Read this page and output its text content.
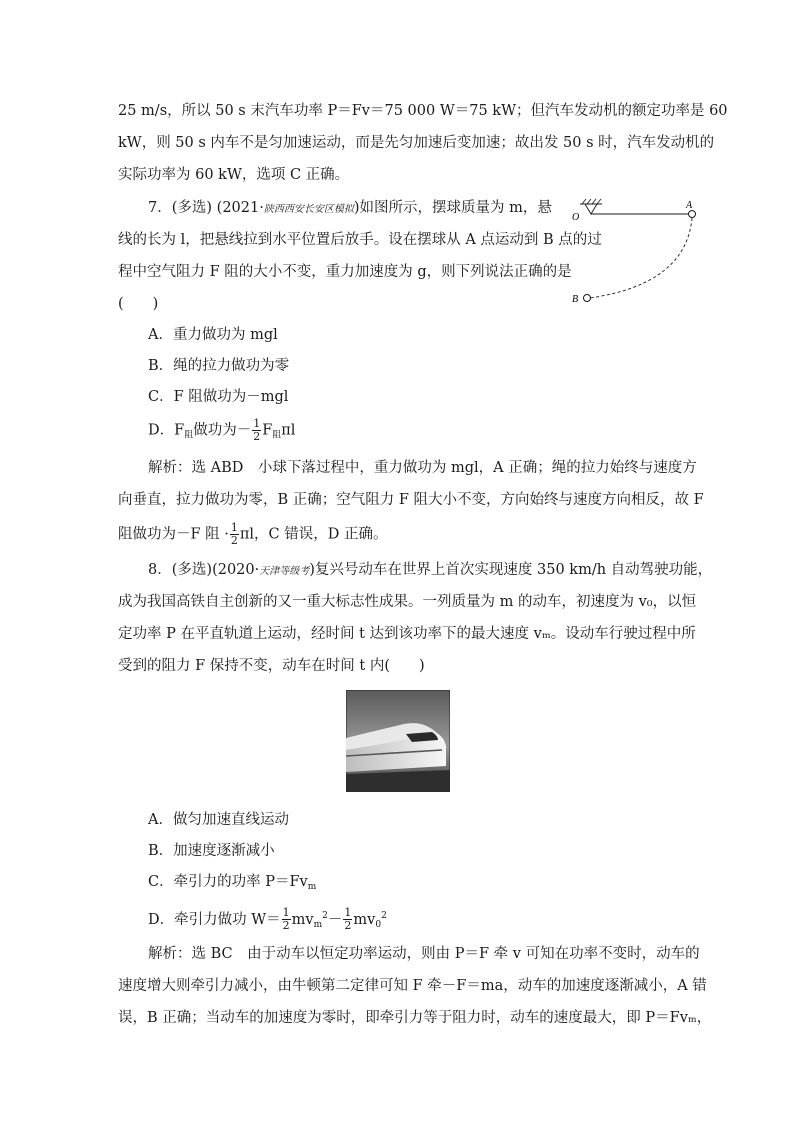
25 m/s，所以 50 s 末汽车功率 P＝Fv＝75 000 W＝75 kW；但汽车发动机的额定功率是 60
kW，则 50 s 内车不是匀加速运动，而是先匀加速后变加速；故出发 50 s 时，汽车发动机的
实际功率为 60 kW，选项 C 正确。
7．(多选) (2021·陕西西安长安区模拟)如图所示，摆球质量为 m，悬
线的长为 l，把悬线拉到水平位置后放手。设在摆球从 A 点运动到 B 点的过
程中空气阻力 F 阻的大小不变，重力加速度为 g，则下列说法正确的是
(　　)
A．重力做功为 mgl
B．绳的拉力做功为零
C．F 阻做功为－mgl
D．$F_阻$做功为－ $\frac{1}{2} F_阻\pi l$
解析：选 ABD　小球下落过程中，重力做功为 mgl，A 正确；绳的拉力始终与速度方
向垂直，拉力做功为零，B 正确；空气阻力 F 阻大小不变，方向始终与速度方向相反，故 F
阻做功为－F 阻 · $\frac{1}{2}$ πl，C 错误，D 正确。
O
A
B
8．(多选)(2020·天津等级考)复兴号动车在世界上首次实现速度 350 km/h 自动驾驶功能，
成为我国高铁自主创新的又一重大标志性成果。一列质量为 m 的动车，初速度为 v₀，以恒
定功率 P 在平直轨道上运动，经时间 t 达到该功率下的最大速度 vₘ。设动车行驶过程中所
受到的阻力 F 保持不变，动车在时间 t 内(　　)
A．做匀加速直线运动
B．加速度逐渐减小
C．牵引力的功率 $P=Fv_m$
D．牵引力做功 $W= \frac{1}{2} mv_m^2- \frac{1}{2} mv_0^2$
解析：选 BC　由于动车以恒定功率运动，则由 P＝F 牵 v 可知在功率不变时，动车的
速度增大则牵引力减小，由牛顿第二定律可知 F 牵－F＝ma，动车的加速度逐渐减小，A 错
误，B 正确；当动车的加速度为零时，即牵引力等于阻力时，动车的速度最大，即 P＝Fvₘ，
